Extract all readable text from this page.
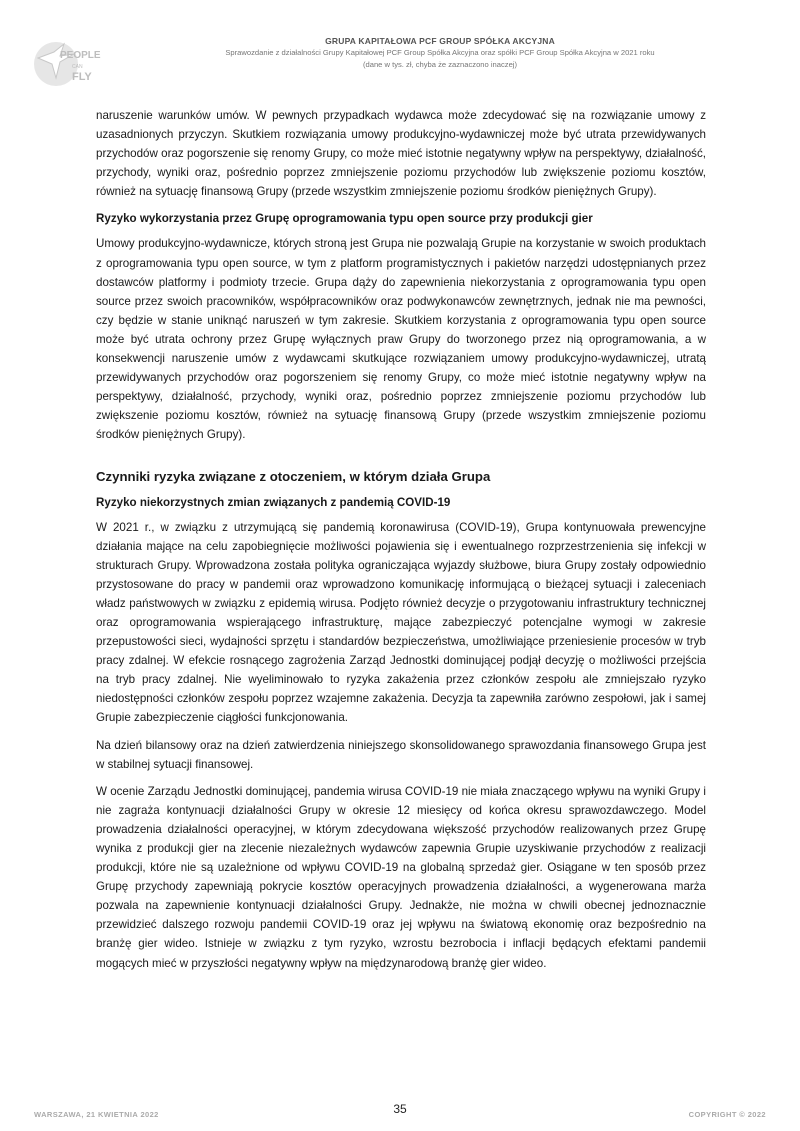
PEOPLE
CAN
FLY
GRUPA KAPITAŁOWA PCF GROUP SPÓŁKA AKCYJNA
Sprawozdanie z działalności Grupy Kapitałowej PCF Group Spółka Akcyjna oraz spółki PCF Group Spółka Akcyjna w 2021 roku
(dane w tys. zł, chyba że zaznaczono inaczej)

naruszenie warunków umów. W pewnych przypadkach wydawca może zdecydować się na rozwiązanie umowy z uzasadnionych przyczyn. Skutkiem rozwiązania umowy produkcyjno-wydawniczej może być utrata przewidywanych przychodów oraz pogorszenie się renomy Grupy, co może mieć istotnie negatywny wpływ na perspektywy, działalność, przychody, wyniki oraz, pośrednio poprzez zmniejszenie poziomu przychodów lub zwiększenie poziomu kosztów, również na sytuację finansową Grupy (przede wszystkim zmniejszenie poziomu środków pieniężnych Grupy).

Ryzyko wykorzystania przez Grupę oprogramowania typu open source przy produkcji gier

Umowy produkcyjno-wydawnicze, których stroną jest Grupa nie pozwalają Grupie na korzystanie w swoich produktach z oprogramowania typu open source, w tym z platform programistycznych i pakietów narzędzi udostępnianych przez dostawców platformy i podmioty trzecie. Grupa dąży do zapewnienia niekorzystania z oprogramowania typu open source przez swoich pracowników, współpracowników oraz podwykonawców zewnętrznych, jednak nie ma pewności, czy będzie w stanie uniknąć naruszeń w tym zakresie. Skutkiem korzystania z oprogramowania typu open source może być utrata ochrony przez Grupę wyłącznych praw Grupy do tworzonego przez nią oprogramowania, a w konsekwencji naruszenie umów z wydawcami skutkujące rozwiązaniem umowy produkcyjno-wydawniczej, utratą przewidywanych przychodów oraz pogorszeniem się renomy Grupy, co może mieć istotnie negatywny wpływ na perspektywy, działalność, przychody, wyniki oraz, pośrednio poprzez zmniejszenie poziomu przychodów lub zwiększenie poziomu kosztów, również na sytuację finansową Grupy (przede wszystkim zmniejszenie poziomu środków pieniężnych Grupy).

Czynniki ryzyka związane z otoczeniem, w którym działa Grupa
Ryzyko niekorzystnych zmian związanych z pandemią COVID-19

W 2021 r., w związku z utrzymującą się pandemią koronawirusa (COVID-19), Grupa kontynuowała prewencyjne działania mające na celu zapobiegnięcie możliwości pojawienia się i ewentualnego rozprzestrzenienia się infekcji w strukturach Grupy. Wprowadzona została polityka ograniczająca wyjazdy służbowe, biura Grupy zostały odpowiednio przystosowane do pracy w pandemii oraz wprowadzono komunikację informującą o bieżącej sytuacji i zaleceniach władz państwowych w związku z epidemią wirusa. Podjęto również decyzje o przygotowaniu infrastruktury technicznej oraz oprogramowania wspierającego infrastrukturę, mające zabezpieczyć potencjalne wymogi w zakresie przepustowości sieci, wydajności sprzętu i standardów bezpieczeństwa, umożliwiające przeniesienie procesów w tryb pracy zdalnej. W efekcie rosnącego zagrożenia Zarząd Jednostki dominującej podjął decyzję o możliwości przejścia na tryb pracy zdalnej. Nie wyeliminowało to ryzyka zakażenia przez członków zespołu ale zmniejszało ryzyko niedostępności członków zespołu poprzez wzajemne zakażenia. Decyzja ta zapewniła zarówno zespołowi, jak i samej Grupie zabezpieczenie ciągłości funkcjonowania.

Na dzień bilansowy oraz na dzień zatwierdzenia niniejszego skonsolidowanego sprawozdania finansowego Grupa jest w stabilnej sytuacji finansowej.

W ocenie Zarządu Jednostki dominującej, pandemia wirusa COVID-19 nie miała znaczącego wpływu na wyniki Grupy i nie zagraża kontynuacji działalności Grupy w okresie 12 miesięcy od końca okresu sprawozdawczego. Model prowadzenia działalności operacyjnej, w którym zdecydowana większość przychodów realizowanych przez Grupę wynika z produkcji gier na zlecenie niezależnych wydawców zapewnia Grupie uzyskiwanie przychodów z realizacji produkcji, które nie są uzależnione od wpływu COVID-19 na globalną sprzedaż gier. Osiągane w ten sposób przez Grupę przychody zapewniają pokrycie kosztów operacyjnych prowadzenia działalności, a wygenerowana marża pozwala na zapewnienie kontynuacji działalności Grupy. Jednakże, nie można w chwili obecnej jednoznacznie przewidzieć dalszego rozwoju pandemii COVID-19 oraz jej wpływu na światową ekonomię oraz bezpośrednio na branżę gier wideo. Istnieje w związku z tym ryzyko, wzrostu bezrobocia i inflacji będących efektami pandemii mogących mieć w przyszłości negatywny wpływ na międzynarodową branżę gier wideo.

WARSZAWA, 21 KWIETNIA 2022	35	COPYRIGHT © 2022
